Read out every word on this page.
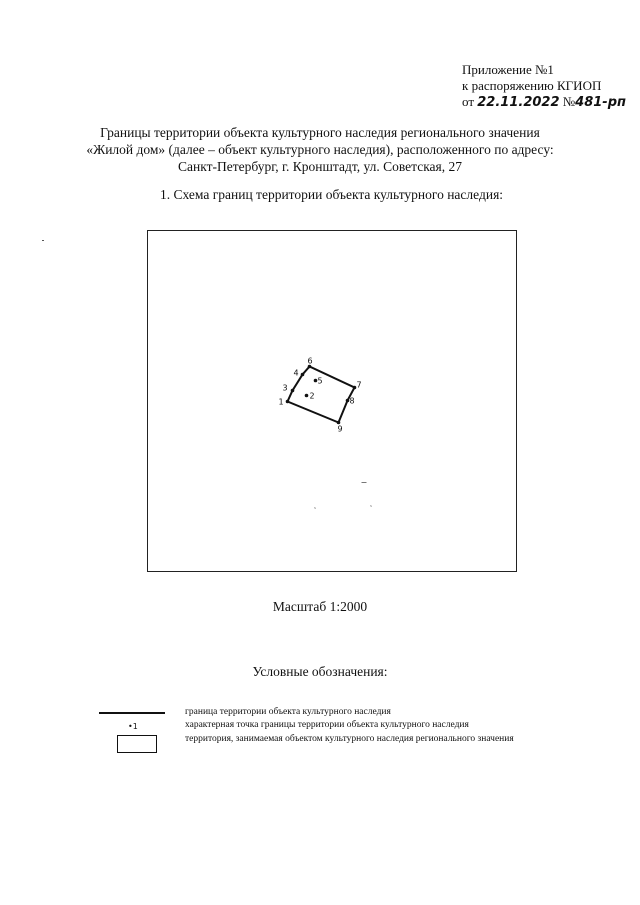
Приложение №1
к распоряжению КГИОП
от 22.11.2022 №481-рп
Границы территории объекта культурного наследия регионального значения
«Жилой дом» (далее – объект культурного наследия), расположенного по адресу:
Санкт-Петербург, г. Кронштадт, ул. Советская, 27
1. Схема границ территории объекта культурного наследия:
1
2
3
4
5
6
7
8
9
Масштаб 1:2000
Условные обозначения:
граница территории объекта культурного наследия
•1	характерная точка границы территории объекта культурного наследия
территория, занимаемая объектом культурного наследия регионального значения
